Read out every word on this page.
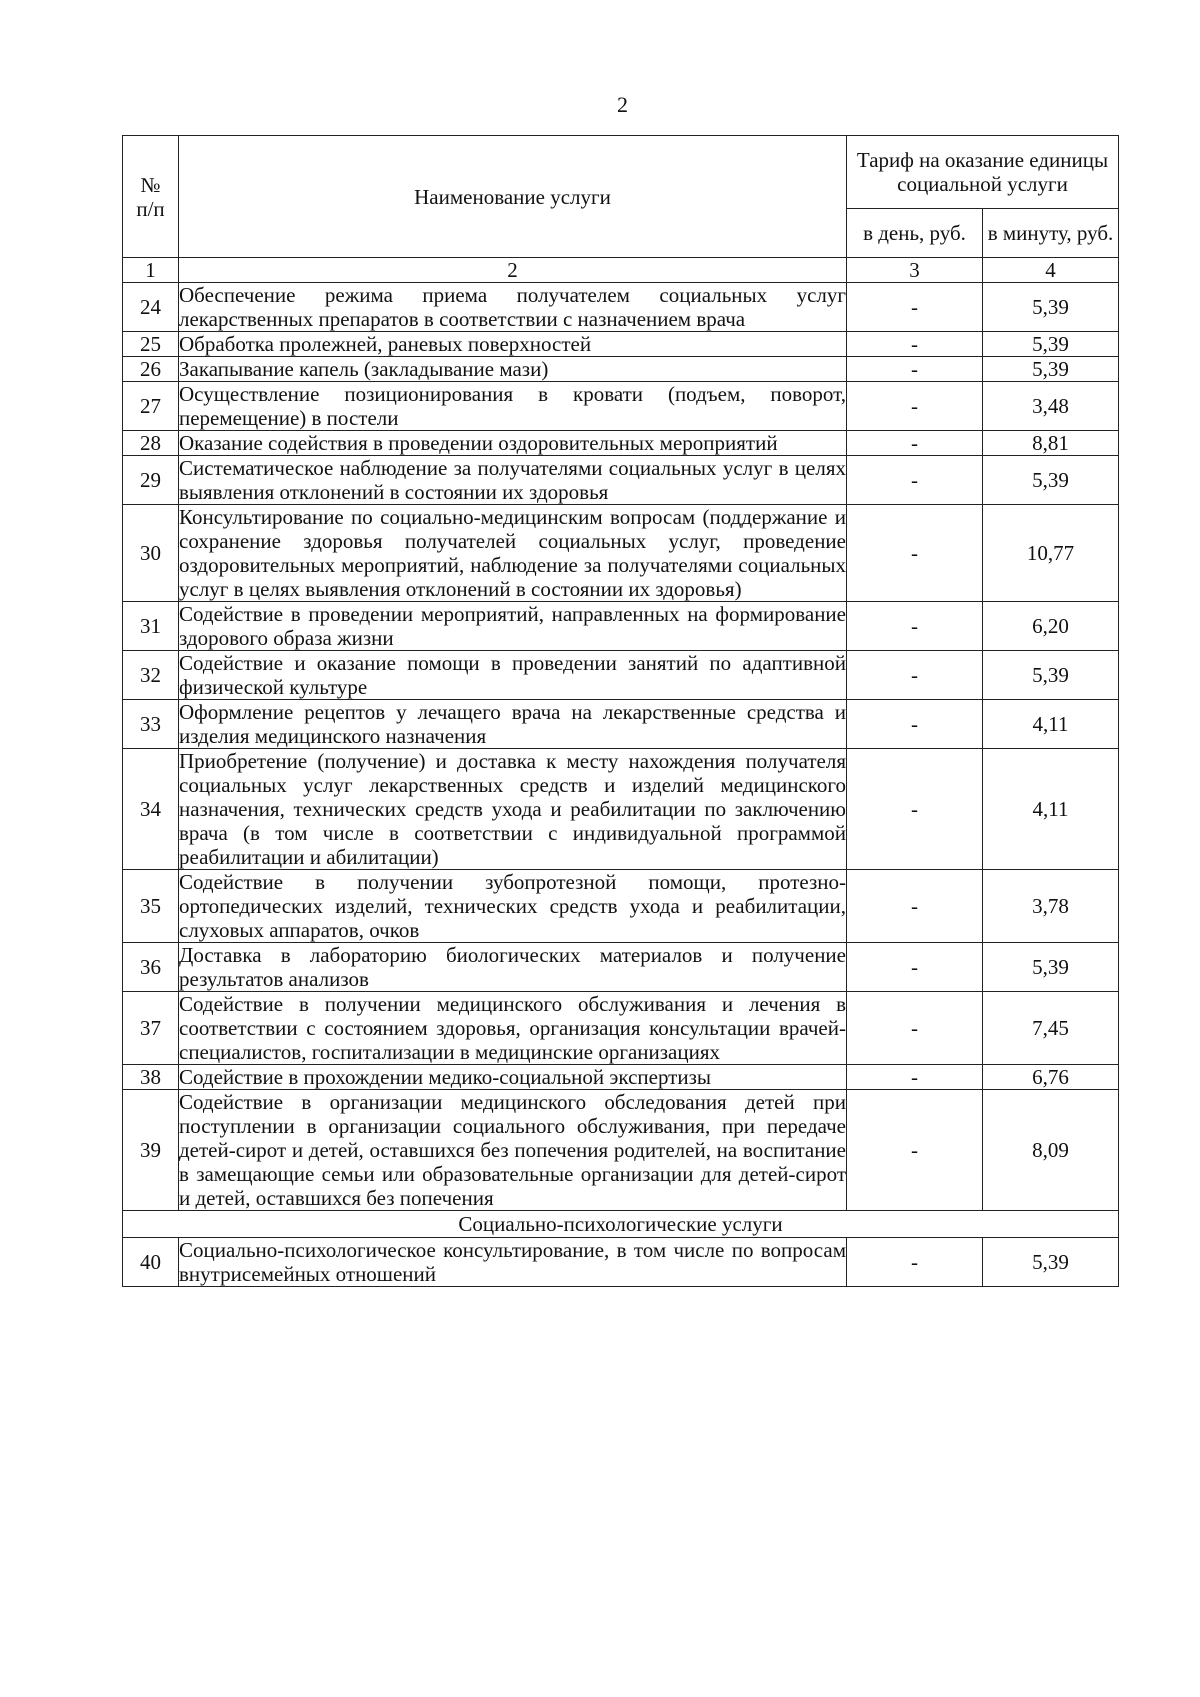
2
№
п/п	Наименование услуги	Тариф на оказание единицы социальной услуги	
		в день, руб.	в минуту, руб.
1	2	3	4
24	Обеспечение режима приема получателем социальных услуг лекарственных препаратов в соответствии с назначением врача	-	5,39
25	Обработка пролежней, раневых поверхностей	-	5,39
26	Закапывание капель (закладывание мази)	-	5,39
27	Осуществление позиционирования в кровати (подъем, поворот, перемещение) в постели	-	3,48
28	Оказание содействия в проведении оздоровительных мероприятий	-	8,81
29	Систематическое наблюдение за получателями социальных услуг в целях выявления отклонений в состоянии их здоровья	-	5,39
30	Консультирование по социально-медицинским вопросам (поддержание и сохранение здоровья получателей социальных услуг, проведение оздоровительных мероприятий, наблюдение за получателями социальных услуг в целях выявления отклонений в состоянии их здоровья)	-	10,77
31	Содействие в проведении мероприятий, направленных на формирование здорового образа жизни	-	6,20
32	Содействие и оказание помощи в проведении занятий по адаптивной физической культуре	-	5,39
33	Оформление рецептов у лечащего врача на лекарственные средства и изделия медицинского назначения	-	4,11
34	Приобретение (получение) и доставка к месту нахождения получателя социальных услуг лекарственных средств и изделий медицинского назначения, технических средств ухода и реабилитации по заключению врача (в том числе в соответствии с индивидуальной программой реабилитации и абилитации)	-	4,11
35	Содействие в получении зубопротезной помощи, протезно-ортопедических изделий, технических средств ухода и реабилитации, слуховых аппаратов, очков	-	3,78
36	Доставка в лабораторию биологических материалов и получение результатов анализов	-	5,39
37	Содействие в получении медицинского обслуживания и лечения в соответствии с состоянием здоровья, организация консультации врачей-специалистов, госпитализации в медицинские организациях	-	7,45
38	Содействие в прохождении медико-социальной экспертизы	-	6,76
39	Содействие в организации медицинского обследования детей при поступлении в организации социального обслуживания, при передаче детей-сирот и детей, оставшихся без попечения родителей, на воспитание в замещающие семьи или образовательные организации для детей-сирот и детей, оставшихся без попечения	-	8,09
Социально-психологические услуги			
40	Социально-психологическое консультирование, в том числе по вопросам внутрисемейных отношений	-	5,39
